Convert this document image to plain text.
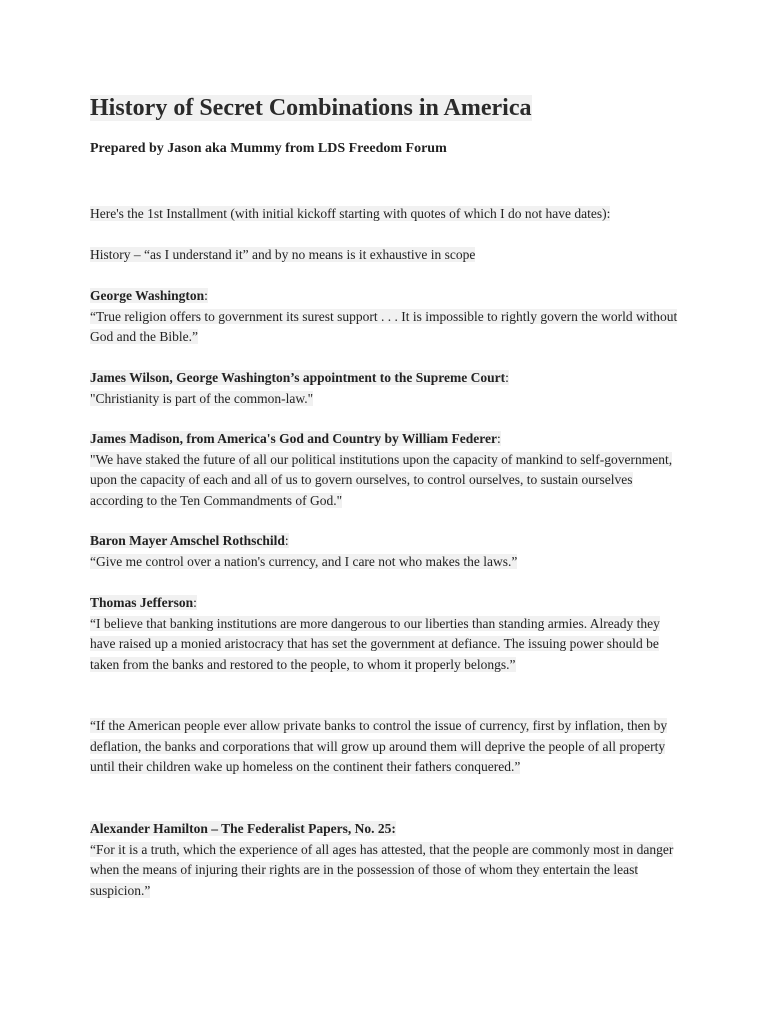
History of Secret Combinations in America

Prepared by Jason aka Mummy from LDS Freedom Forum

Here's the 1st Installment (with initial kickoff starting with quotes of which I do not have dates):

History – “as I understand it” and by no means is it exhaustive in scope

George Washington:
“True religion offers to government its surest support . . . It is impossible to rightly govern the world without God and the Bible.”

James Wilson, George Washington’s appointment to the Supreme Court:
"Christianity is part of the common-law."

James Madison, from America's God and Country by William Federer:
"We have staked the future of all our political institutions upon the capacity of mankind to self-government, upon the capacity of each and all of us to govern ourselves, to control ourselves, to sustain ourselves according to the Ten Commandments of God."

Baron Mayer Amschel Rothschild:
“Give me control over a nation's currency, and I care not who makes the laws.”

Thomas Jefferson:
“I believe that banking institutions are more dangerous to our liberties than standing armies. Already they have raised up a monied aristocracy that has set the government at defiance. The issuing power should be taken from the banks and restored to the people, to whom it properly belongs.”

“If the American people ever allow private banks to control the issue of currency, first by inflation, then by deflation, the banks and corporations that will grow up around them will deprive the people of all property until their children wake up homeless on the continent their fathers conquered.”

Alexander Hamilton – The Federalist Papers, No. 25:
“For it is a truth, which the experience of all ages has attested, that the people are commonly most in danger when the means of injuring their rights are in the possession of those of whom they entertain the least suspicion.”
